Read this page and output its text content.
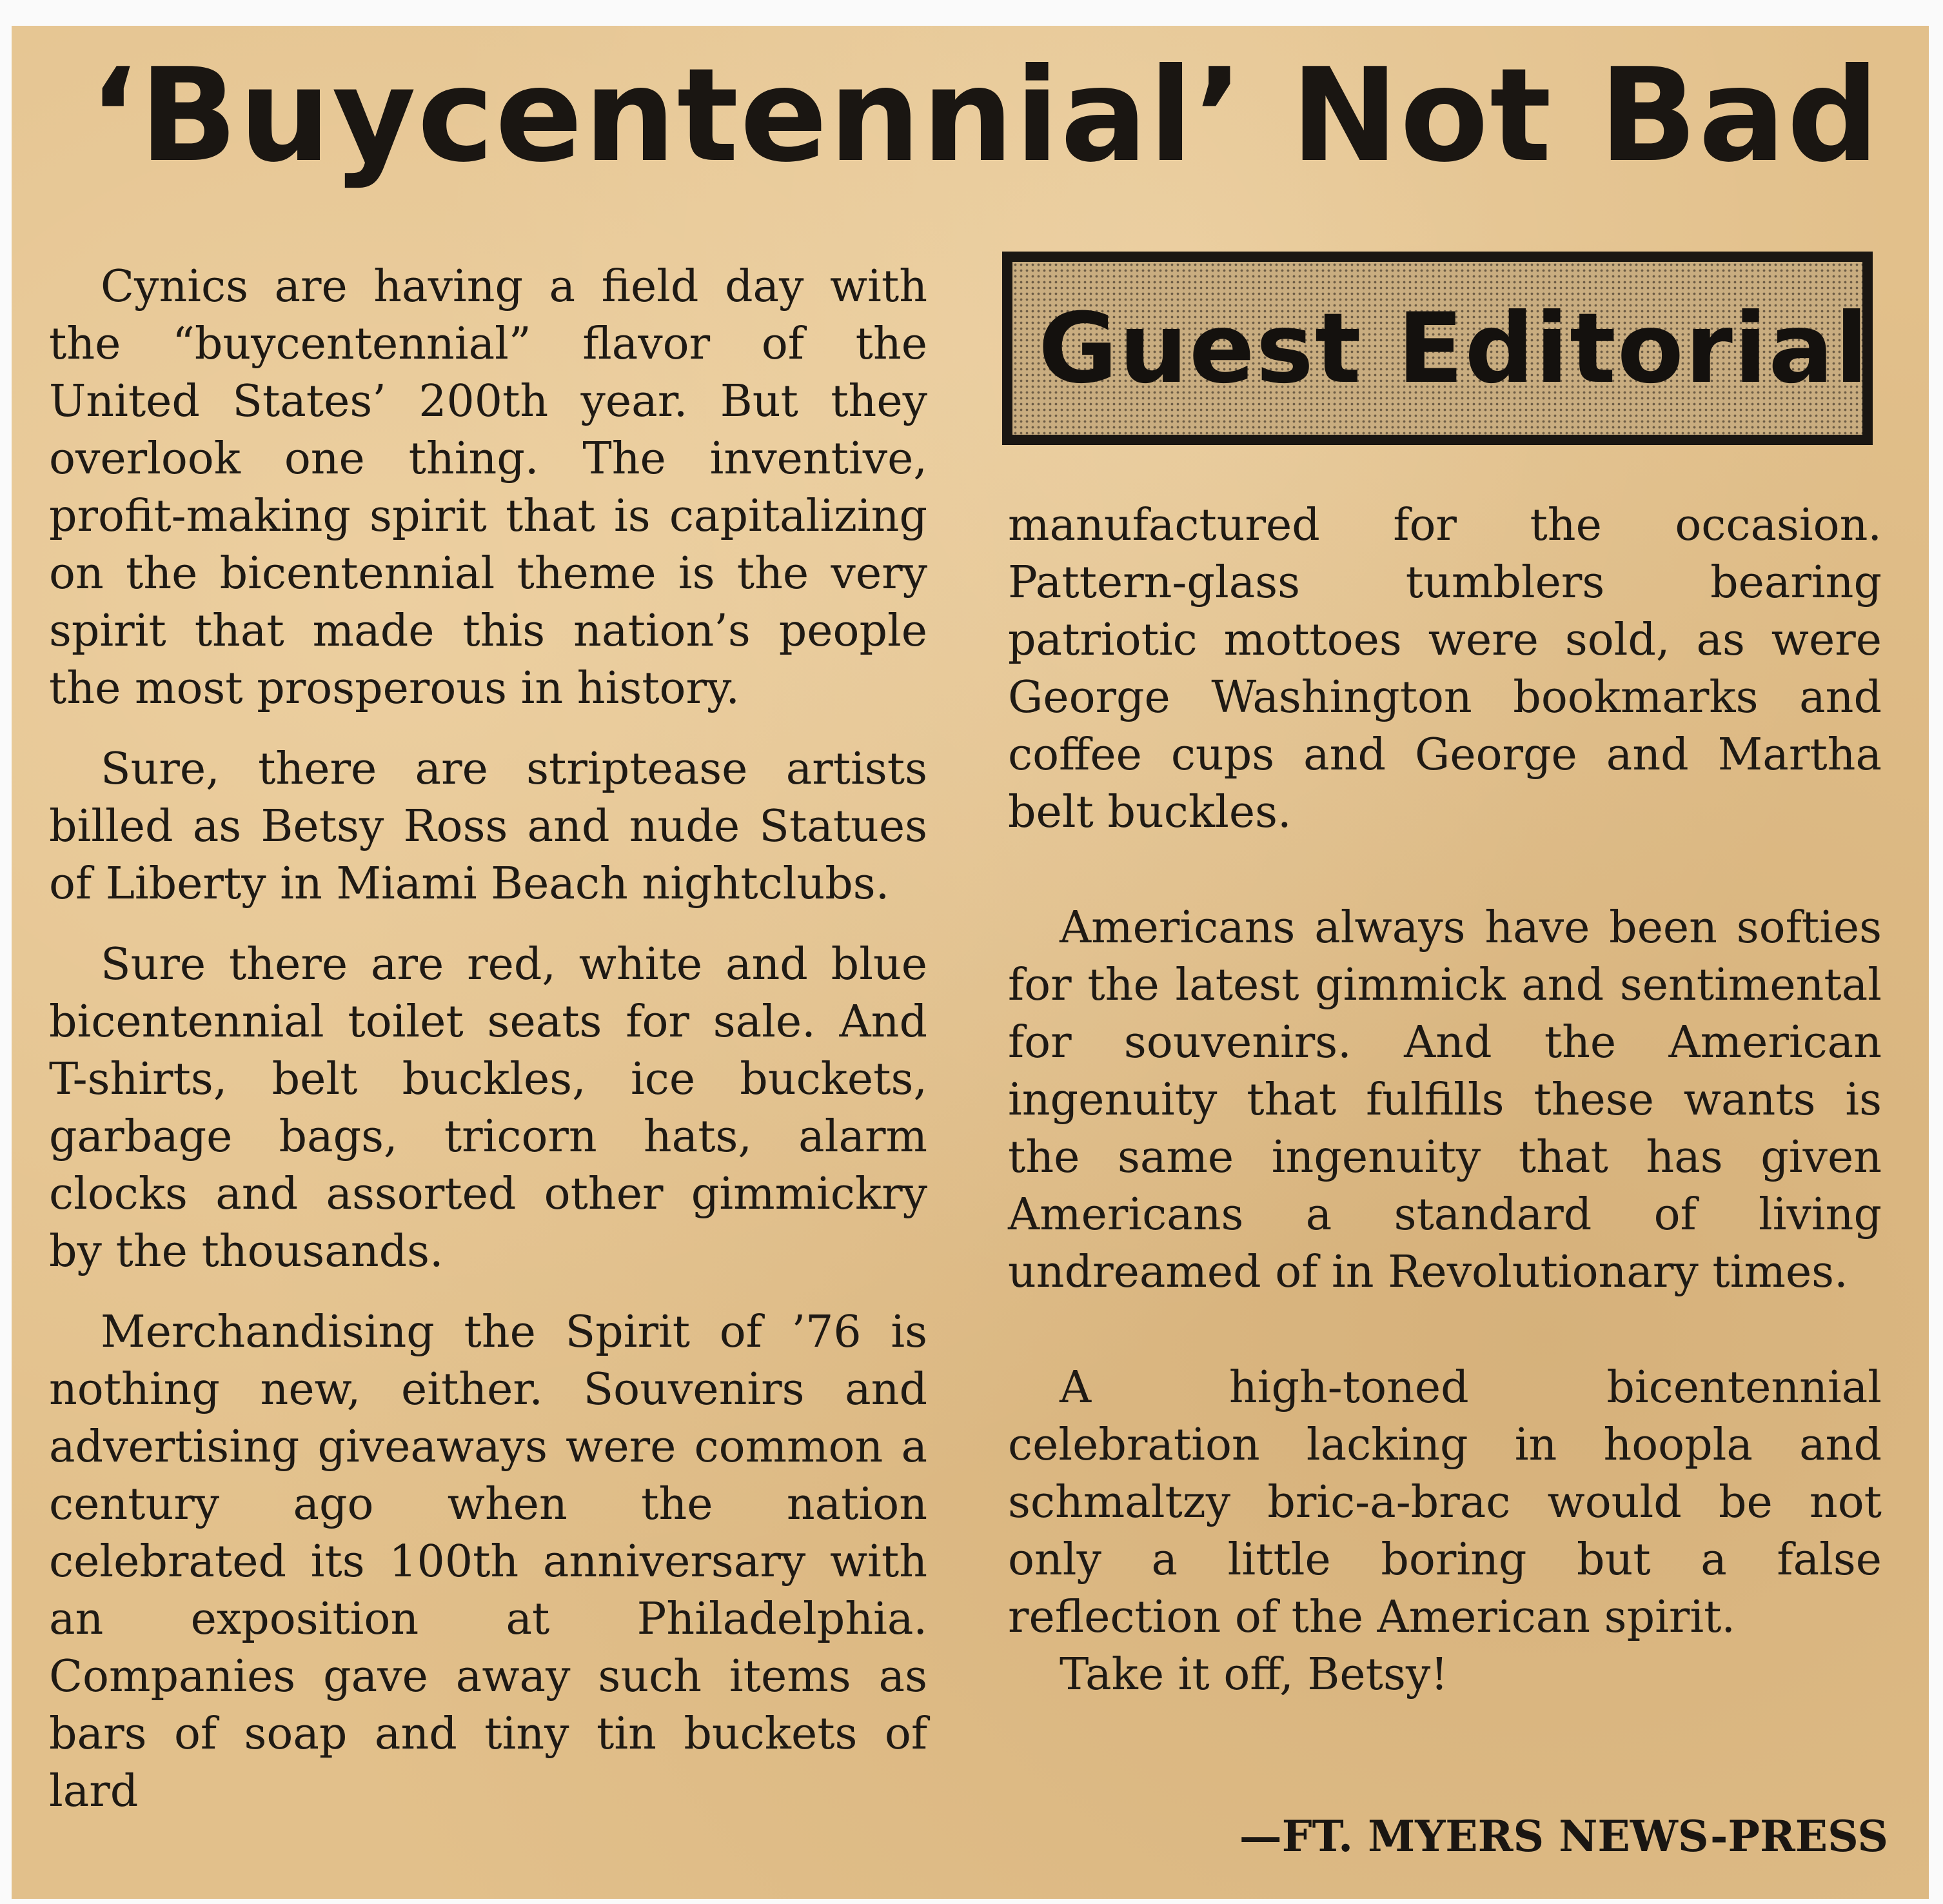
‘Buycentennial’ Not Bad
Guest Editorial

Cynics are having a field day with the “buycentennial” flavor of the United States’ 200th year. But they overlook one thing. The inventive, profit-making spirit that is capitalizing on the bicentennial theme is the very spirit that made this nation’s people the most prosperous in history.

Sure, there are striptease artists billed as Betsy Ross and nude Statues of Liberty in Miami Beach nightclubs.

Sure there are red, white and blue bicentennial toilet seats for sale. And T-shirts, belt buckles, ice buckets, garbage bags, tricorn hats, alarm clocks and assorted other gimmickry by the thousands.

Merchandising the Spirit of ’76 is nothing new, either. Souvenirs and advertising giveaways were common a century ago when the nation celebrated its 100th anniversary with an exposition at Philadelphia. Companies gave away such items as bars of soap and tiny tin buckets of lard

manufactured for the occasion. Pattern-glass tumblers bearing patriotic mottoes were sold, as were George Washington bookmarks and coffee cups and George and Martha belt buckles.

Americans always have been softies for the latest gimmick and sentimental for souvenirs. And the American ingenuity that fulfills these wants is the same ingenuity that has given Americans a standard of living undreamed of in Revolutionary times.

A high-toned bicentennial celebration lacking in hoopla and schmaltzy bric-a-brac would be not only a little boring but a false reflection of the American spirit.

Take it off, Betsy!

—FT. MYERS NEWS-PRESS
